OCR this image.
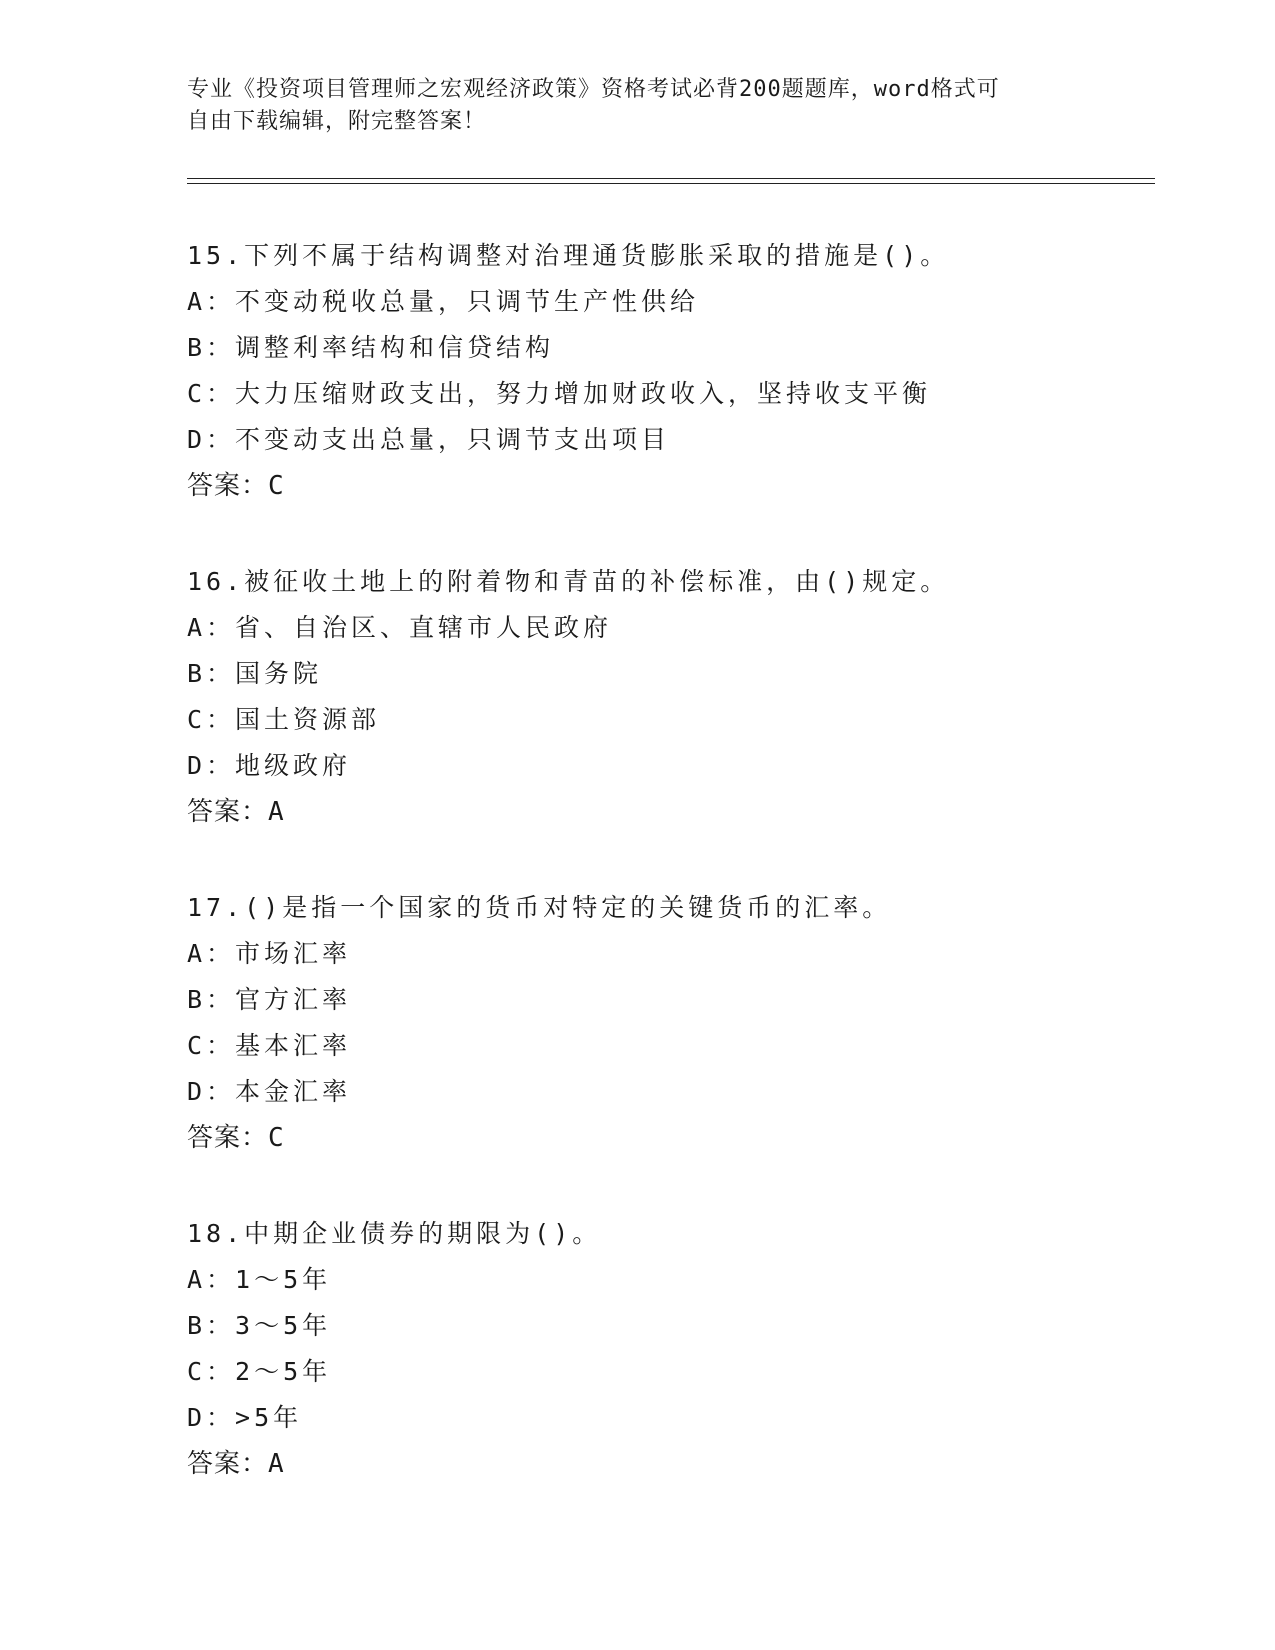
专业《投资项目管理师之宏观经济政策》资格考试必背200题题库，word格式可
自由下载编辑，附完整答案！
15.下列不属于结构调整对治理通货膨胀采取的措施是()。
A：不变动税收总量，只调节生产性供给
B：调整利率结构和信贷结构
C：大力压缩财政支出，努力增加财政收入，坚持收支平衡
D：不变动支出总量，只调节支出项目
答案：C
16.被征收土地上的附着物和青苗的补偿标准，由()规定。
A：省、自治区、直辖市人民政府
B：国务院
C：国土资源部
D：地级政府
答案：A
17.()是指一个国家的货币对特定的关键货币的汇率。
A：市场汇率
B：官方汇率
C：基本汇率
D：本金汇率
答案：C
18.中期企业债券的期限为()。
A：1～5年
B：3～5年
C：2～5年
D：>5年
答案：A
